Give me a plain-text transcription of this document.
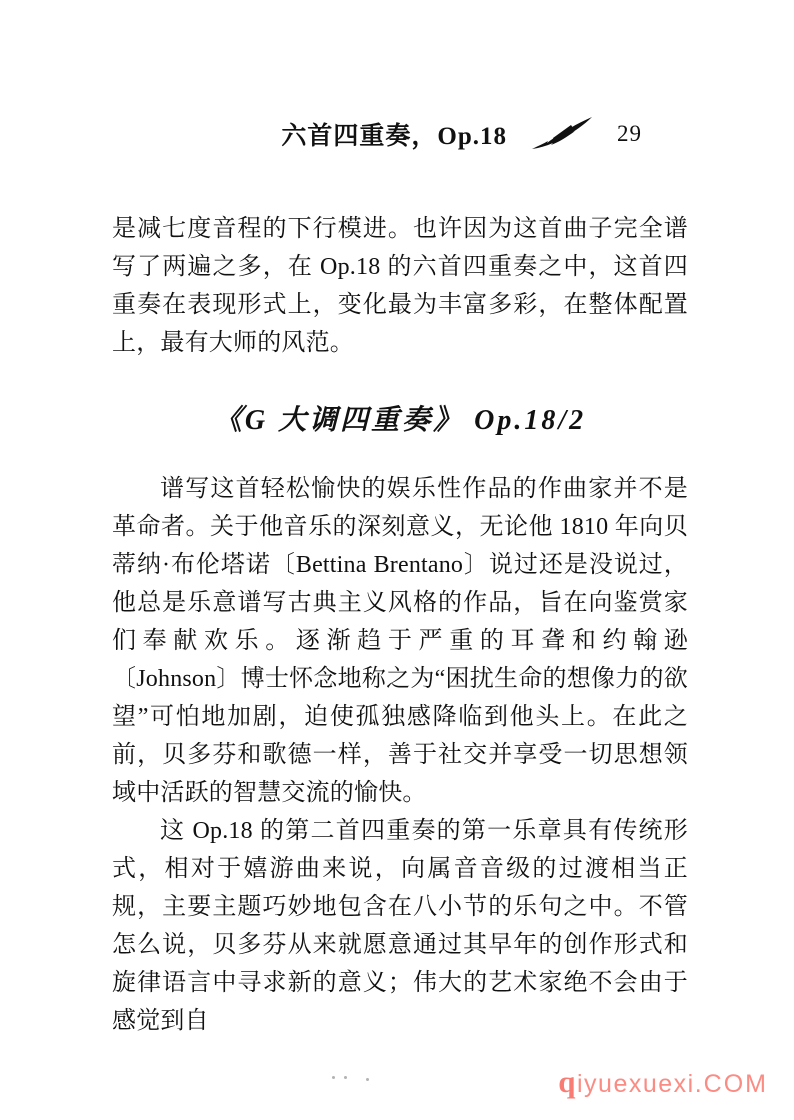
六首四重奏，Op.18	29

是减七度音程的下行模进。也许因为这首曲子完全谱写了两遍之多，在 Op.18 的六首四重奏之中，这首四重奏在表现形式上，变化最为丰富多彩，在整体配置上，最有大师的风范。

《G 大调四重奏》 Op.18/2

谱写这首轻松愉快的娱乐性作品的作曲家并不是革命者。关于他音乐的深刻意义，无论他 1810 年向贝蒂纳·布伦塔诺〔Bettina Brentano〕说过还是没说过，他总是乐意谱写古典主义风格的作品，旨在向鉴赏家们奉献欢乐。逐渐趋于严重的耳聋和约翰逊〔Johnson〕博士怀念地称之为“困扰生命的想像力的欲望”可怕地加剧，迫使孤独感降临到他头上。在此之前，贝多芬和歌德一样，善于社交并享受一切思想领域中活跃的智慧交流的愉快。

这 Op.18 的第二首四重奏的第一乐章具有传统形式，相对于嬉游曲来说，向属音音级的过渡相当正规，主要主题巧妙地包含在八小节的乐句之中。不管怎么说，贝多芬从来就愿意通过其早年的创作形式和旋律语言中寻求新的意义；伟大的艺术家绝不会由于感觉到自

qiyuexuexi.COM
